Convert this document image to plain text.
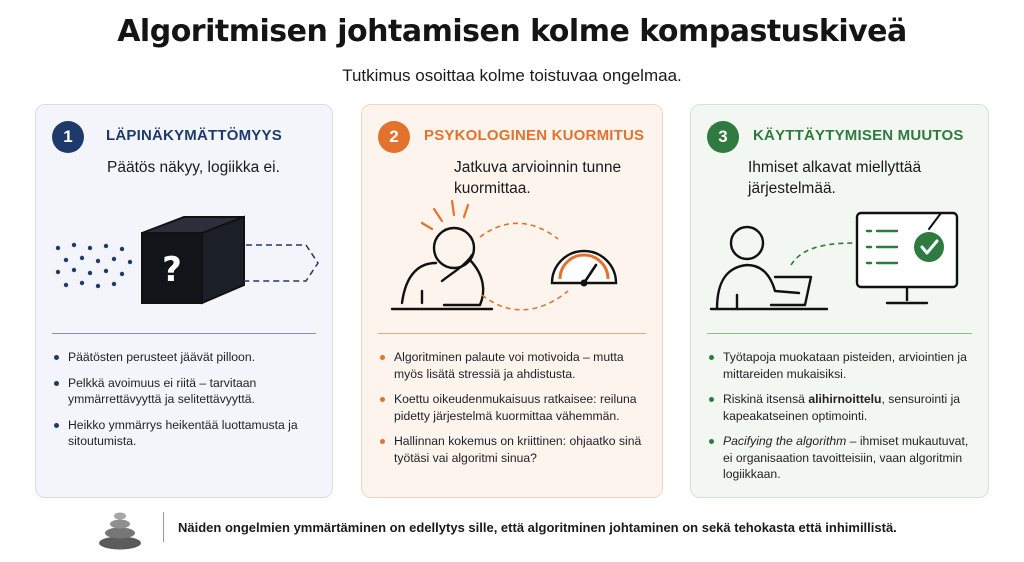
Algoritmisen johtamisen kolme kompastuskiveä
Tutkimus osoittaa kolme toistuvaa ongelmaa.
1	LÄPINÄKYMÄTTÖMYYS
Päätös näkyy, logiikka ei.
?
Päätösten perusteet jäävät pilloon.
Pelkkä avoimuus ei riitä – tarvitaan ymmärrettävyyttä ja selitettävyyttä.
Heikko ymmärrys heikentää luottamusta ja sitoutumista.
2	PSYKOLOGINEN KUORMITUS
Jatkuva arvioinnin tunne kuormittaa.
Algoritminen palaute voi motivoida – mutta myös lisätä stressiä ja ahdistusta.
Koettu oikeudenmukaisuus ratkaisee: reiluna pidetty järjestelmä kuormittaa vähemmän.
Hallinnan kokemus on kriittinen: ohjaatko sinä työtäsi vai algoritmi sinua?
3	KÄYTTÄYTYMISEN MUUTOS
Ihmiset alkavat miellyttää järjestelmää.
Työtapoja muokataan pisteiden, arviointien ja mittareiden mukaisiksi.
Riskinä itsensä alihirnoittelu, sensurointi ja kapeakatseinen optimointi.
Pacifying the algorithm – ihmiset mukautuvat, ei organisaation tavoitteisiin, vaan algoritmin logiikkaan.
Näiden ongelmien ymmärtäminen on edellytys sille, että algoritminen johtaminen on sekä tehokasta että inhimillistä.
